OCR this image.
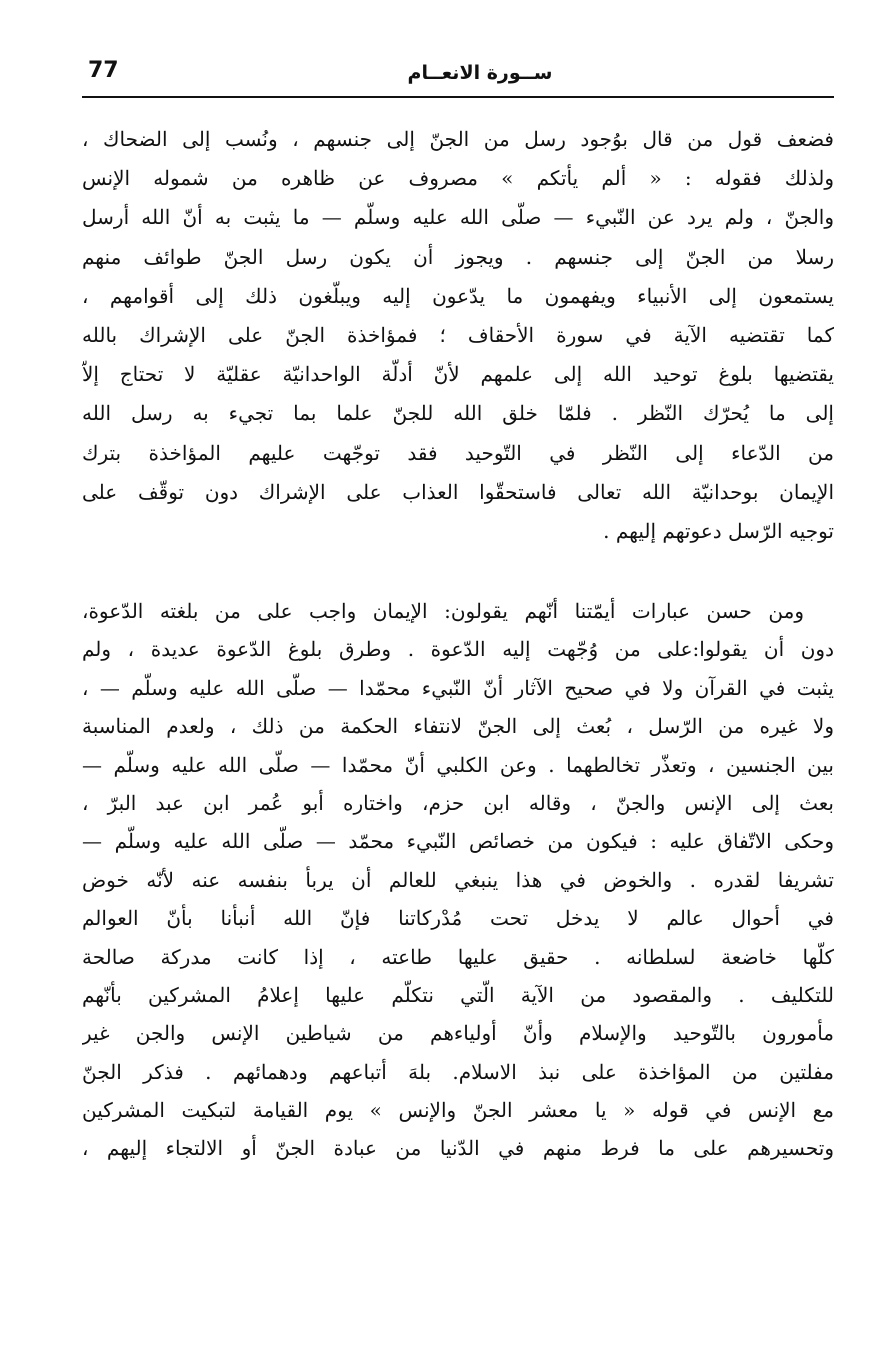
77	ســورة الانعــام
فضعف قول من قال بوُجود رسل من الجنّ إلى جنسهم ، ونُسب إلى الضحاك ،
ولذلك فقوله : « ألم يأتكم » مصروف عن ظاهره من شموله الإنس
والجنّ ، ولم يرد عن النّبيء — صلّى الله عليه وسلّم — ما يثبت به أنّ الله أرسل
رسلا من الجنّ إلى جنسهم . ويجوز أن يكون رسل الجنّ طوائف منهم
يستمعون إلى الأنبياء ويفهمون ما يدّعون إليه ويبلّغون ذلك إلى أقوامهم ،
كما تقتضيه الآية في سورة الأحقاف ؛ فمؤاخذة الجنّ على الإشراك بالله
يقتضيها بلوغ توحيد الله إلى علمهم لأنّ أدلّة الواحدانيّة عقليّة لا تحتاج إلاّ
إلى ما يُحرّك النّظر . فلمّا خلق الله للجنّ علما بما تجيء به رسل الله
من الدّعاء إلى النّظر في التّوحيد فقد توجّهت عليهم المؤاخذة بترك
الإيمان بوحدانيّة الله تعالى فاستحقّوا العذاب على الإشراك دون توقّف على
توجيه الرّسل دعوتهم إليهم .
ومن حسن عبارات أيمّتنا أنّهم يقولون: الإيمان واجب على من بلغته الدّعوة،
دون أن يقولوا:على من وُجّهت إليه الدّعوة . وطرق بلوغ الدّعوة عديدة ، ولم
يثبت في القرآن ولا في صحيح الآثار أنّ النّبيء محمّدا — صلّى الله عليه وسلّم — ،
ولا غيره من الرّسل ، بُعث إلى الجنّ لانتفاء الحكمة من ذلك ، ولعدم المناسبة
بين الجنسين ، وتعذّر تخالطهما . وعن الكلبي أنّ محمّدا — صلّى الله عليه وسلّم —
بعث إلى الإنس والجنّ ، وقاله ابن حزم، واختاره أبو عُمر ابن عبد البرّ ،
وحكى الاتّفاق عليه : فيكون من خصائص النّبيء محمّد — صلّى الله عليه وسلّم —
تشريفا لقدره . والخوض في هذا ينبغي للعالم أن يربأ بنفسه عنه لأنّه خوض
في أحوال عالم لا يدخل تحت مُدْركاتنا فإنّ الله أنبأنا بأنّ العوالم
كلّها خاضعة لسلطانه . حقيق عليها طاعته ، إذا كانت مدركة صالحة
للتكليف . والمقصود من الآية الّتي نتكلّم عليها إعلامُ المشركين بأنّهم
مأمورون بالتّوحيد والإسلام وأنّ أولياءهم من شياطين الإنس والجن غير
مفلتين من المؤاخذة على نبذ الاسلام. بلهَ أتباعهم ودهمائهم . فذكر الجنّ
مع الإنس في قوله « يا معشر الجنّ والإنس » يوم القيامة لتبكيت المشركين
وتحسيرهم على ما فرط منهم في الدّنيا من عبادة الجنّ أو الالتجاء إليهم ،
